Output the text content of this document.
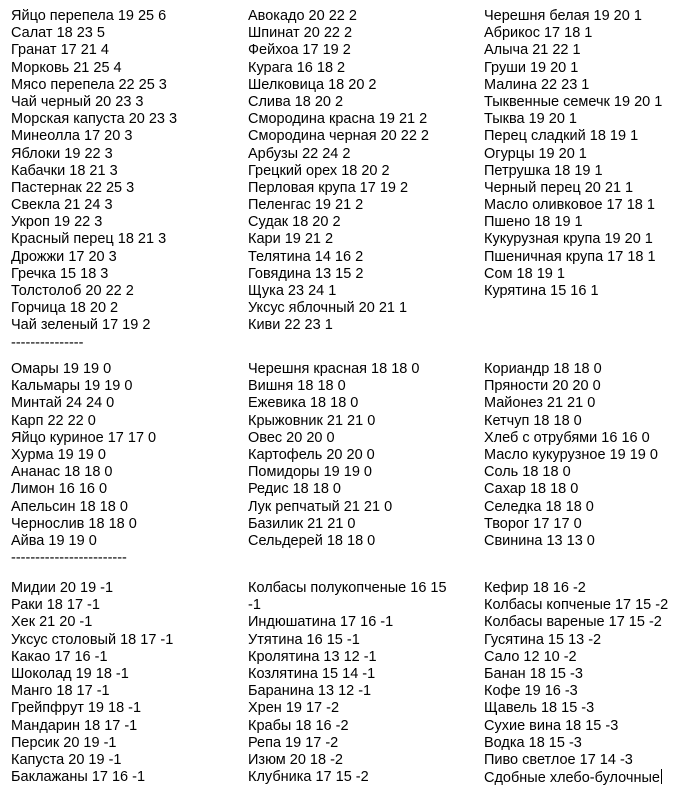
Яйцо перепела 19 25 6
Салат 18 23 5
Гранат 17 21 4
Морковь 21 25 4
Мясо перепела 22 25 3
Чай черный 20 23 3
Морская капуста 20 23 3
Минеолла 17 20 3
Яблоки 19 22 3
Кабачки 18 21 3
Пастернак 22 25 3
Свекла 21 24 3
Укроп 19 22 3
Красный перец 18 21 3
Дрожжи 17 20 3
Гречка 15 18 3
Толстолоб 20 22 2
Горчица 18 20 2
Чай зеленый 17 19 2
---------------
Авокадо 20 22 2
Шпинат 20 22 2
Фейхоа 17 19 2
Курага 16 18 2
Шелковица 18 20 2
Слива 18 20 2
Смородина красна 19 21 2
Смородина черная 20 22 2
Арбузы 22 24 2
Грецкий орех 18 20 2
Перловая крупа 17 19 2
Пеленгас 19 21 2
Судак 18 20 2
Кари 19 21 2
Телятина 14 16 2
Говядина 13 15 2
Щука 23 24 1
Уксус яблочный 20 21 1
Киви 22 23 1
Черешня белая 19 20 1
Абрикос 17 18 1
Алыча 21 22 1
Груши 19 20 1
Малина 22 23 1
Тыквенные семечк 19 20 1
Тыква 19 20 1
Перец сладкий 18 19 1
Огурцы 19 20 1
Петрушка 18 19 1
Черный перец 20 21 1
Масло оливковое 17 18 1
Пшено 18 19 1
Кукурузная крупа 19 20 1
Пшеничная крупа 17 18 1
Сом 18 19 1
Курятина 15 16 1
Омары 19 19 0
Кальмары 19 19 0
Минтай 24 24 0
Карп 22 22 0
Яйцо куриное 17 17 0
Хурма 19 19 0
Ананас 18 18 0
Лимон 16 16 0
Апельсин 18 18 0
Чернослив 18 18 0
Айва 19 19 0
------------------------
Черешня красная 18 18 0
Вишня 18 18 0
Ежевика 18 18 0
Крыжовник 21 21 0
Овес 20 20 0
Картофель 20 20 0
Помидоры 19 19 0
Редис 18 18 0
Лук репчатый 21 21 0
Базилик 21 21 0
Сельдерей 18 18 0
Кориандр 18 18 0
Пряности 20 20 0
Майонез 21 21 0
Кетчуп 18 18 0
Хлеб с отрубями 16 16 0
Масло кукурузное 19 19 0
Соль 18 18 0
Сахар 18 18 0
Селедка 18 18 0
Творог 17 17 0
Свинина 13 13 0
Мидии 20 19 -1
Раки 18 17 -1
Хек 21 20 -1
Уксус столовый 18 17 -1
Какао 17 16 -1
Шоколад 19 18 -1
Манго 18 17 -1
Грейпфрут 19 18 -1
Мандарин 18 17 -1
Персик 20 19 -1
Капуста 20 19 -1
Баклажаны 17 16 -1
Колбасы полукопченые 16 15 -1
Индюшатина 17 16 -1
Утятина 16 15 -1
Кролятина 13 12 -1
Козлятина 15 14 -1
Баранина 13 12 -1
Хрен 19 17 -2
Крабы 18 16 -2
Репа 19 17 -2
Изюм 20 18 -2
Клубника 17 15 -2
Кефир 18 16 -2
Колбасы копченые 17 15 -2
Колбасы вареные 17 15 -2
Гусятина 15 13 -2
Сало 12 10 -2
Банан 18 15 -3
Кофе 19 16 -3
Щавель 18 15 -3
Сухие вина 18 15 -3
Водка 18 15 -3
Пиво светлое 17 14 -3
Сдобные хлебо-булочные
